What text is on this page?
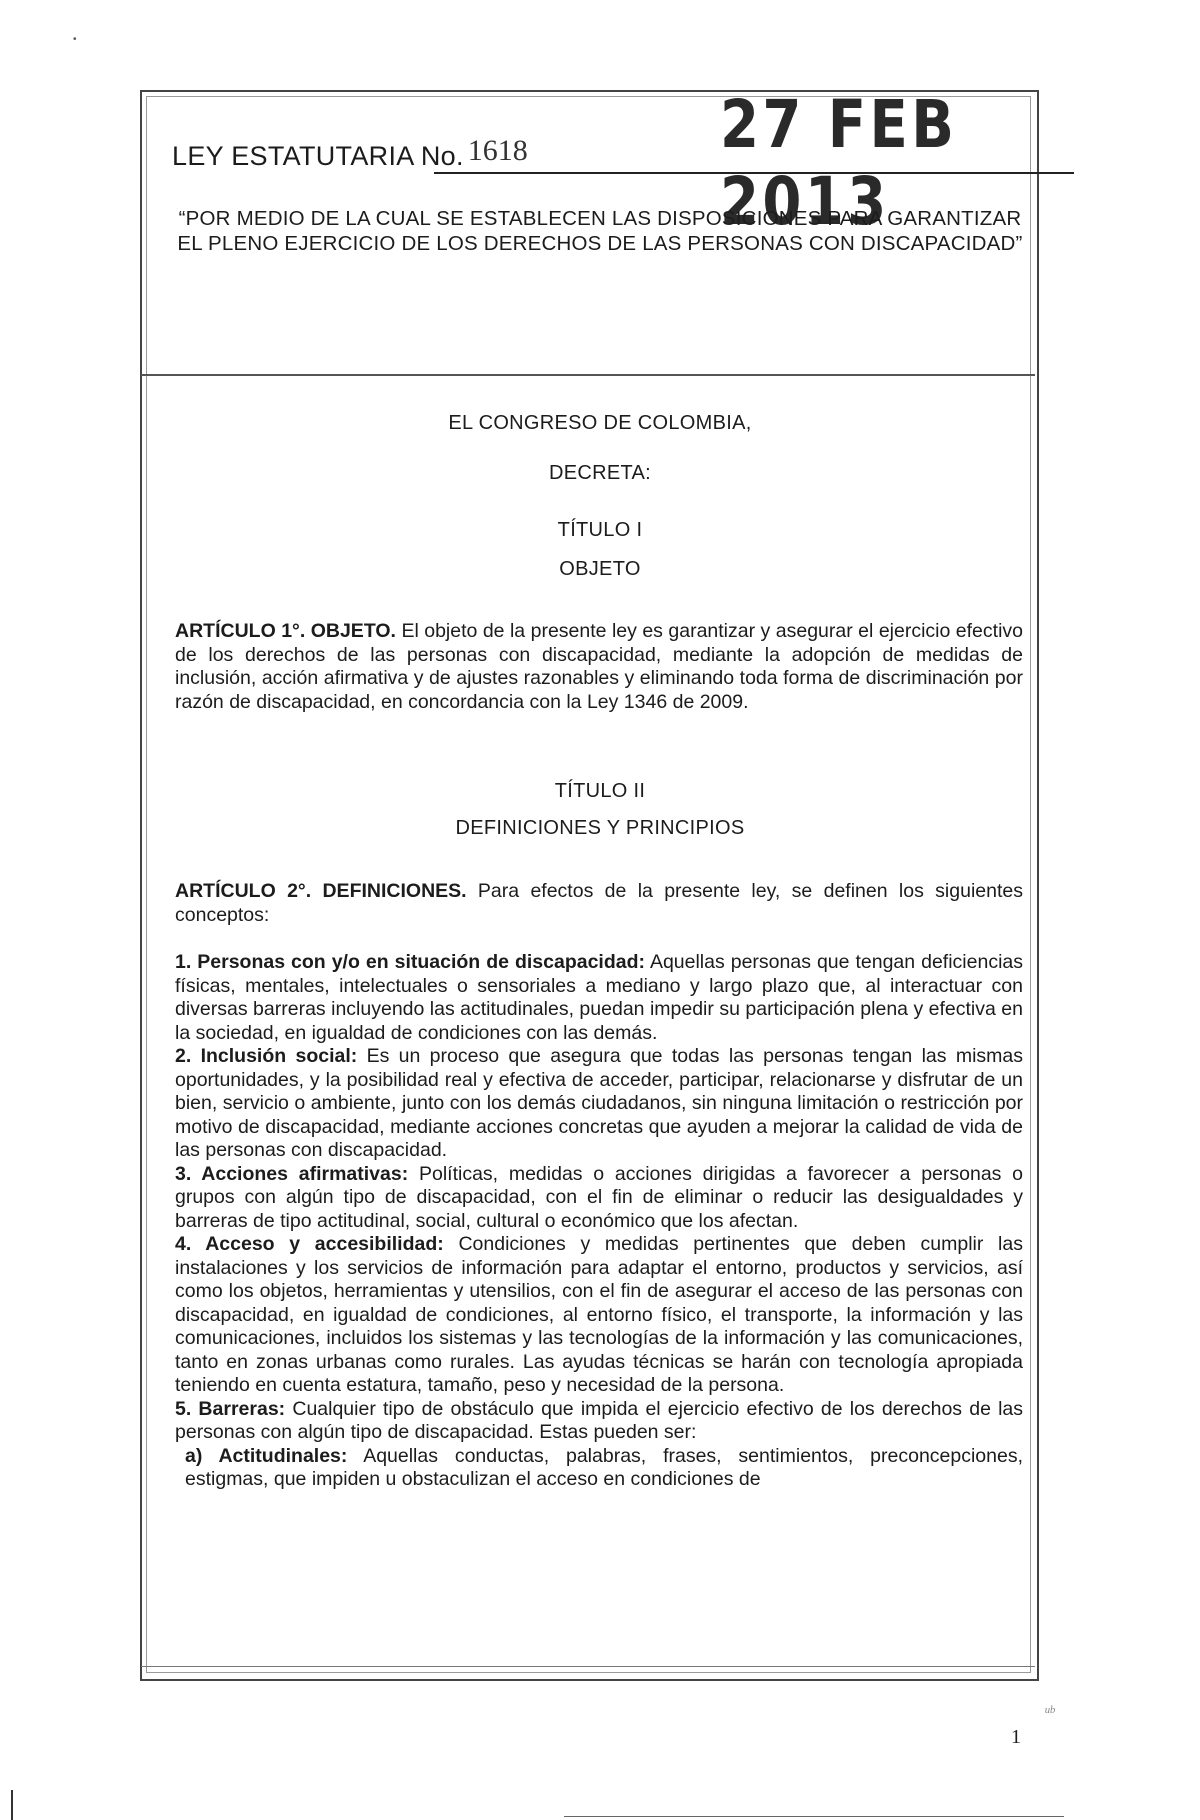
•
LEY ESTATUTARIA No. 1618	27 FEB 2013
“POR MEDIO DE LA CUAL SE ESTABLECEN LAS DISPOSICIONES PARA GARANTIZAR EL PLENO EJERCICIO DE LOS DERECHOS DE LAS PERSONAS CON DISCAPACIDAD”
EL CONGRESO DE COLOMBIA,
DECRETA:
TÍTULO I
OBJETO
ARTÍCULO 1°. OBJETO. El objeto de la presente ley es garantizar y asegurar el ejercicio efectivo de los derechos de las personas con discapacidad, mediante la adopción de medidas de inclusión, acción afirmativa y de ajustes razonables y eliminando toda forma de discriminación por razón de discapacidad, en concordancia con la Ley 1346 de 2009.
TÍTULO II
DEFINICIONES Y PRINCIPIOS
ARTÍCULO 2°. DEFINICIONES. Para efectos de la presente ley, se definen los siguientes conceptos:

1. Personas con y/o en situación de discapacidad: Aquellas personas que tengan deficiencias físicas, mentales, intelectuales o sensoriales a mediano y largo plazo que, al interactuar con diversas barreras incluyendo las actitudinales, puedan impedir su participación plena y efectiva en la sociedad, en igualdad de condiciones con las demás.

2. Inclusión social: Es un proceso que asegura que todas las personas tengan las mismas oportunidades, y la posibilidad real y efectiva de acceder, participar, relacionarse y disfrutar de un bien, servicio o ambiente, junto con los demás ciudadanos, sin ninguna limitación o restricción por motivo de discapacidad, mediante acciones concretas que ayuden a mejorar la calidad de vida de las personas con discapacidad.

3. Acciones afirmativas: Políticas, medidas o acciones dirigidas a favorecer a personas o grupos con algún tipo de discapacidad, con el fin de eliminar o reducir las desigualdades y barreras de tipo actitudinal, social, cultural o económico que los afectan.

4. Acceso y accesibilidad: Condiciones y medidas pertinentes que deben cumplir las instalaciones y los servicios de información para adaptar el entorno, productos y servicios, así como los objetos, herramientas y utensilios, con el fin de asegurar el acceso de las personas con discapacidad, en igualdad de condiciones, al entorno físico, el transporte, la información y las comunicaciones, incluidos los sistemas y las tecnologías de la información y las comunicaciones, tanto en zonas urbanas como rurales. Las ayudas técnicas se harán con tecnología apropiada teniendo en cuenta estatura, tamaño, peso y necesidad de la persona.

5. Barreras: Cualquier tipo de obstáculo que impida el ejercicio efectivo de los derechos de las personas con algún tipo de discapacidad. Estas pueden ser:

a) Actitudinales: Aquellas conductas, palabras, frases, sentimientos, preconcepciones, estigmas, que impiden u obstaculizan el acceso en condiciones de

ᵘᵇ
1
